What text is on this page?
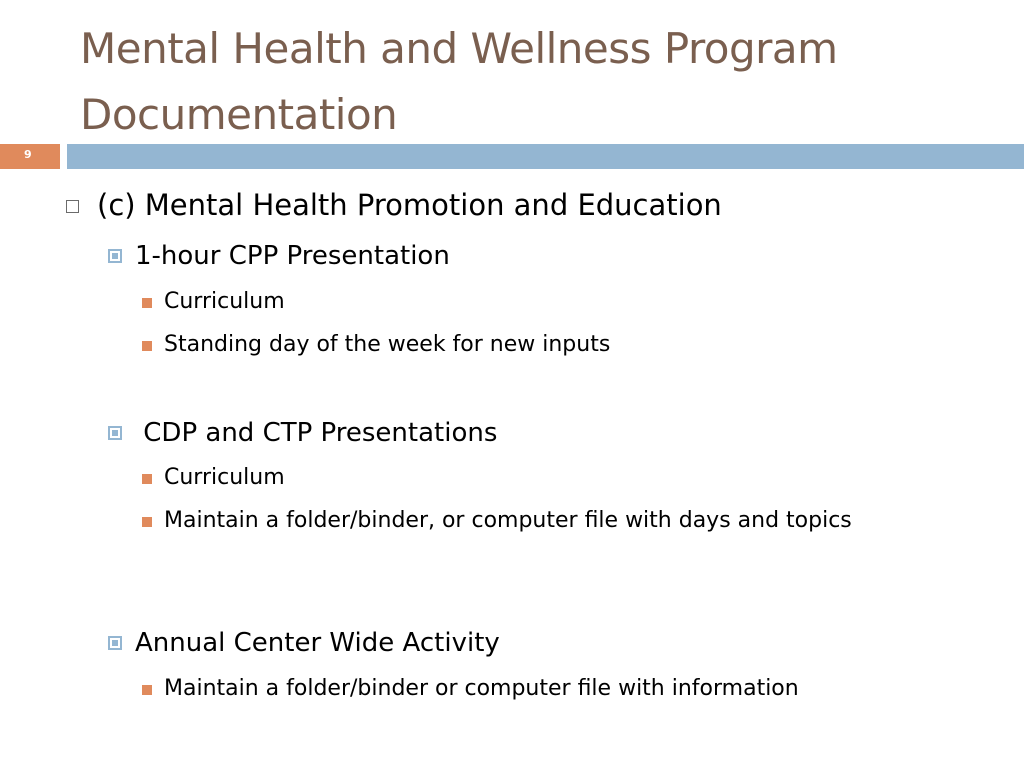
Mental Health and Wellness Program
Documentation
9
(c) Mental Health Promotion and Education
1-hour CPP Presentation
Curriculum
Standing day of the week for new inputs
CDP and CTP Presentations
Curriculum
Maintain a folder/binder, or computer file with days and topics
Annual Center Wide Activity
Maintain a folder/binder or computer file with information
